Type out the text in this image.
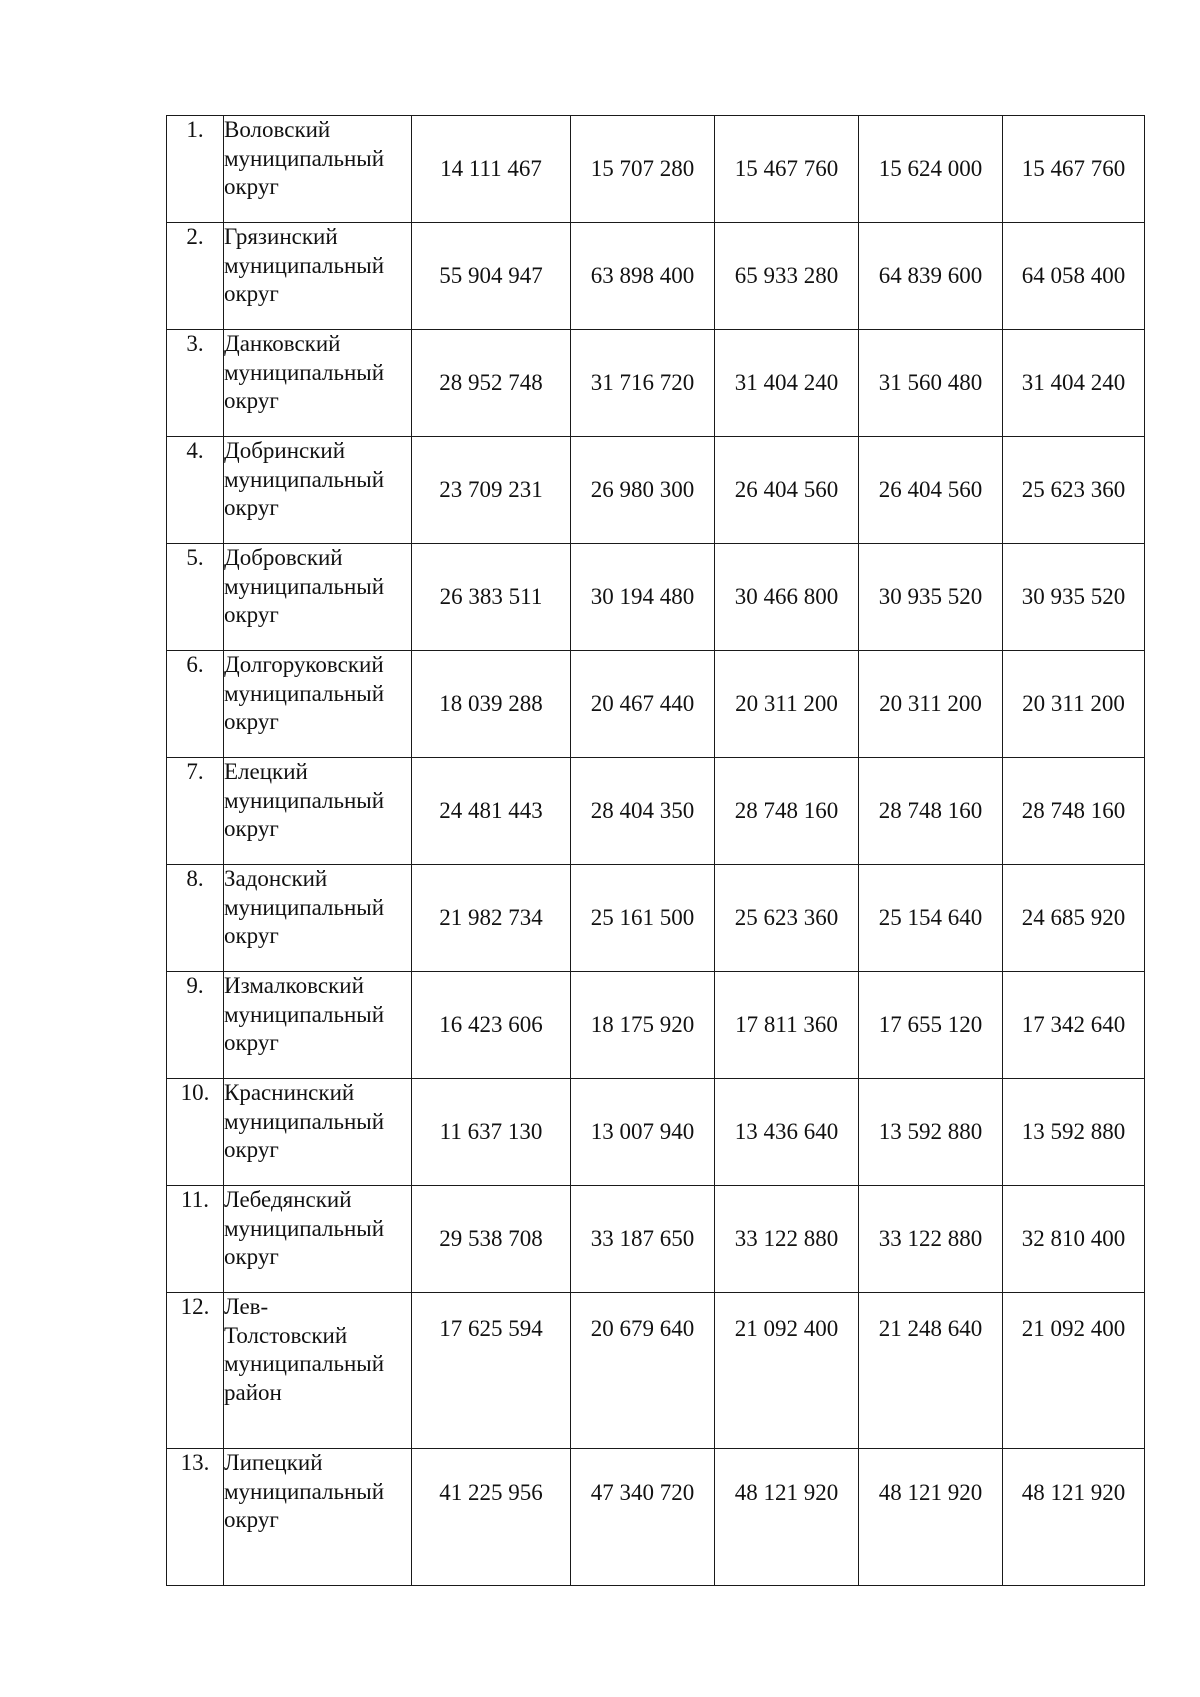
1.	Воловский
муниципальный
округ	14 111 467	15 707 280	15 467 760	15 624 000	15 467 760
2.	Грязинский
муниципальный
округ	55 904 947	63 898 400	65 933 280	64 839 600	64 058 400
3.	Данковский
муниципальный
округ	28 952 748	31 716 720	31 404 240	31 560 480	31 404 240
4.	Добринский
муниципальный
округ	23 709 231	26 980 300	26 404 560	26 404 560	25 623 360
5.	Добровский
муниципальный
округ	26 383 511	30 194 480	30 466 800	30 935 520	30 935 520
6.	Долгоруковский
муниципальный
округ	18 039 288	20 467 440	20 311 200	20 311 200	20 311 200
7.	Елецкий
муниципальный
округ	24 481 443	28 404 350	28 748 160	28 748 160	28 748 160
8.	Задонский
муниципальный
округ	21 982 734	25 161 500	25 623 360	25 154 640	24 685 920
9.	Измалковский
муниципальный
округ	16 423 606	18 175 920	17 811 360	17 655 120	17 342 640
10.	Краснинский
муниципальный
округ	11 637 130	13 007 940	13 436 640	13 592 880	13 592 880
11.	Лебедянский
муниципальный
округ	29 538 708	33 187 650	33 122 880	33 122 880	32 810 400
12.	Лев-
Толстовский
муниципальный
район	17 625 594	20 679 640	21 092 400	21 248 640	21 092 400
13.	Липецкий
муниципальный
округ	41 225 956	47 340 720	48 121 920	48 121 920	48 121 920
